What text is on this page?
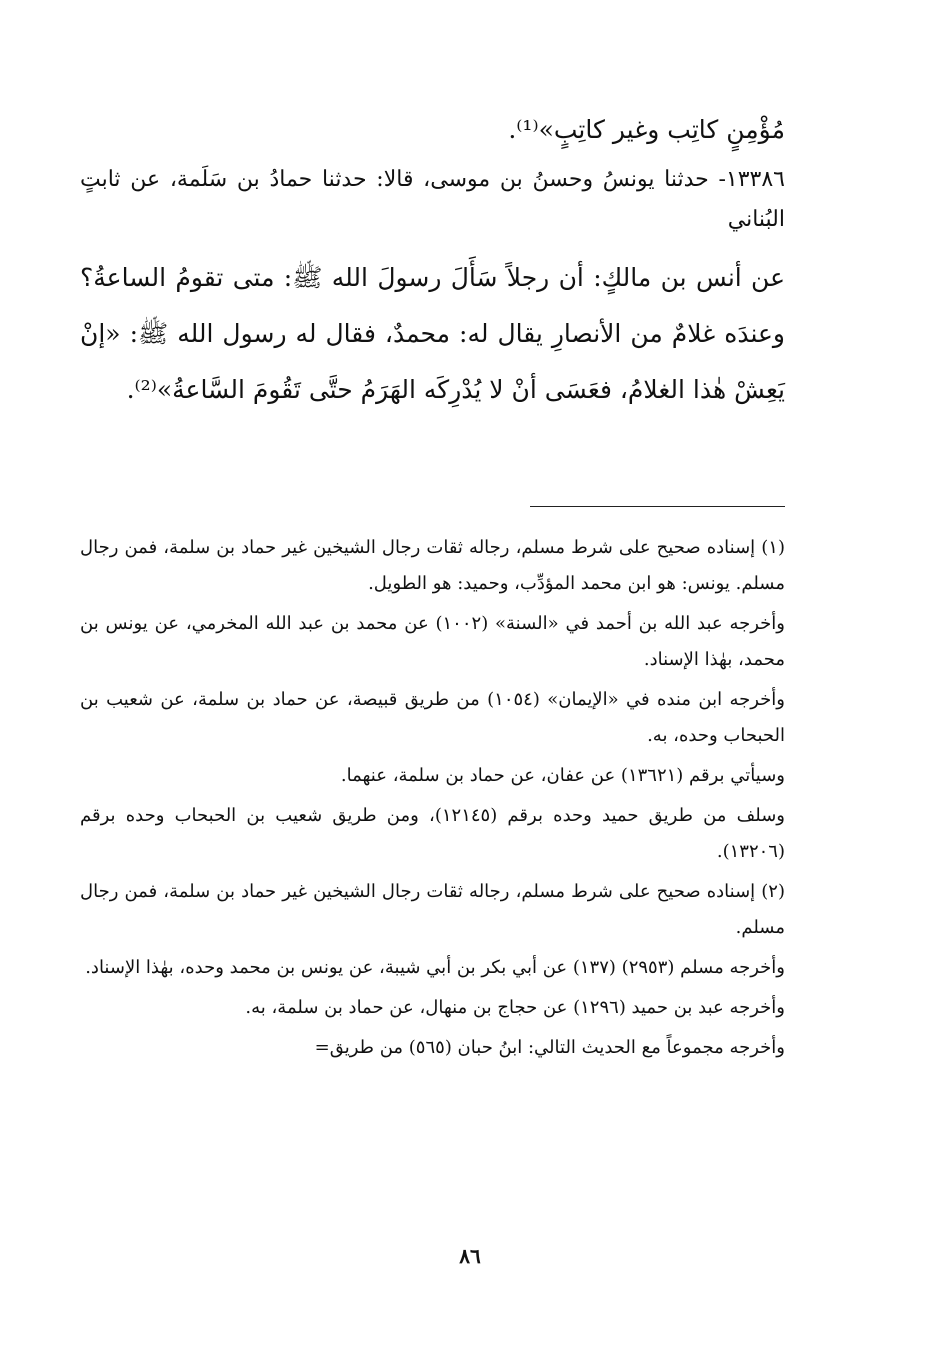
مُؤْمِنٍ كاتِب وغير كاتِبٍ»⁽¹⁾.

١٣٣٨٦- حدثنا يونسُ وحسنُ بن موسى، قالا: حدثنا حمادُ بن سَلَمة، عن ثابتٍ البُناني

عن أنس بن مالكٍ: أن رجلاً سَأَلَ رسولَ الله ﷺ: متى تقومُ الساعةُ؟ وعندَه غلامٌ من الأنصارِ يقال له: محمدٌ، فقال له رسول الله ﷺ: «إنْ يَعِشْ هٰذا الغلامُ، فعَسَى أنْ لا يُدْرِكَه الهَرَمُ حتَّى تَقُومَ السَّاعةُ»⁽²⁾.

(١) إسناده صحيح على شرط مسلم، رجاله ثقات رجال الشيخين غير حماد بن سلمة، فمن رجال مسلم. يونس: هو ابن محمد المؤدِّب، وحميد: هو الطويل.

وأخرجه عبد الله بن أحمد في «السنة» (١٠٠٢) عن محمد بن عبد الله المخرمي، عن يونس بن محمد، بهٰذا الإسناد.

وأخرجه ابن منده في «الإيمان» (١٠٥٤) من طريق قبيصة، عن حماد بن سلمة، عن شعيب بن الحبحاب وحده، به.

وسيأتي برقم (١٣٦٢١) عن عفان، عن حماد بن سلمة، عنهما.

وسلف من طريق حميد وحده برقم (١٢١٤٥)، ومن طريق شعيب بن الحبحاب وحده برقم (١٣٢٠٦).

(٢) إسناده صحيح على شرط مسلم، رجاله ثقات رجال الشيخين غير حماد بن سلمة، فمن رجال مسلم.

وأخرجه مسلم (٢٩٥٣) (١٣٧) عن أبي بكر بن أبي شيبة، عن يونس بن محمد وحده، بهٰذا الإسناد.

وأخرجه عبد بن حميد (١٢٩٦) عن حجاج بن منهال، عن حماد بن سلمة، به.

وأخرجه مجموعاً مع الحديث التالي: ابنُ حبان (٥٦٥) من طريق=

٨٦
